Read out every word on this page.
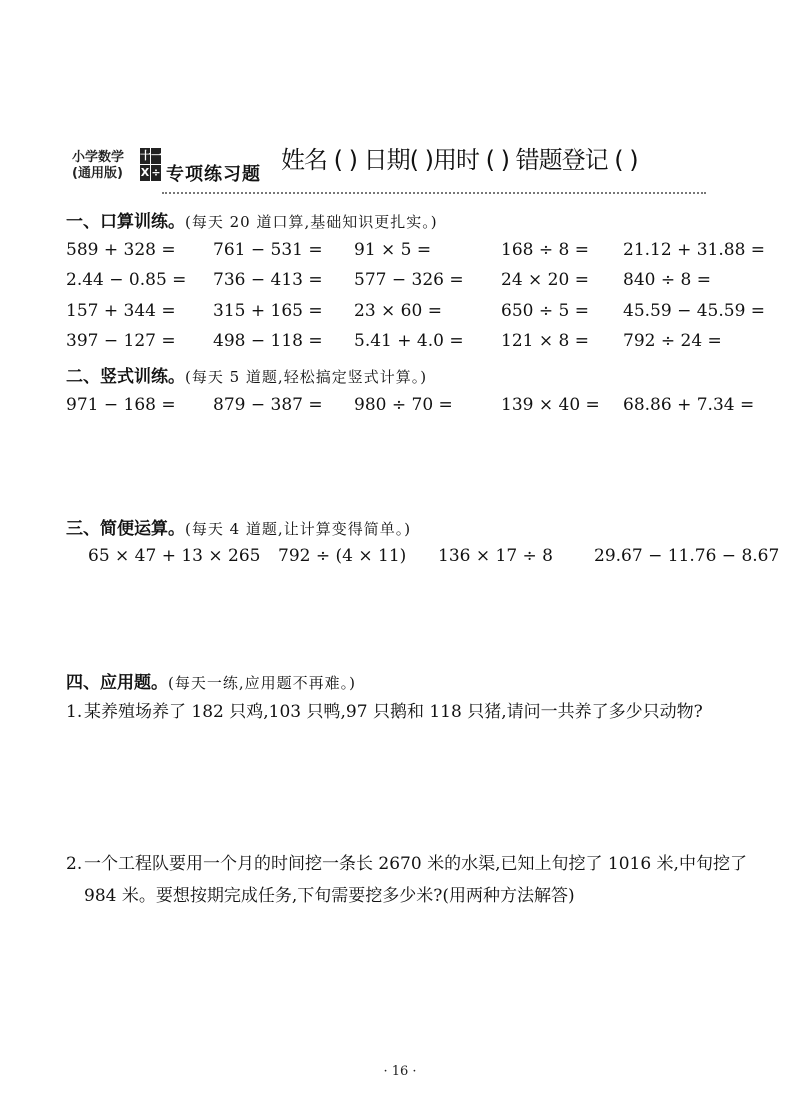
小学数学
(通用版)
十 一
X ÷ 专项练习题
姓名 ( ) 日期( )用时 ( ) 错题登记 ( )
一、口算训练。(每天 20 道口算,基础知识更扎实。)
589 + 328 = 761 − 531 = 91 × 5 =	168 ÷ 8 = 21.12 + 31.88 =
2.44 − 0.85 = 736 − 413 = 577 − 326 = 24 × 20 = 840 ÷ 8 =
157 + 344 = 315 + 165 = 23 × 60 =	650 ÷ 5 = 45.59 − 45.59 =
397 − 127 = 498 − 118 = 5.41 + 4.0 = 121 × 8 = 792 ÷ 24 =
二、竖式训练。(每天 5 道题,轻松搞定竖式计算。)
971 − 168 = 879 − 387 = 980 ÷ 70 =	139 × 40 = 68.86 + 7.34 =
三、简便运算。(每天 4 道题,让计算变得简单。)
65 × 47 + 13 × 265 792 ÷ (4 × 11) 136 × 17 ÷ 8 29.67 − 11.76 − 8.67
四、应用题。(每天一练,应用题不再难。)
1. 某养殖场养了 182 只鸡,103 只鸭,97 只鹅和 118 只猪,请问一共养了多少只动物?
2. 一个工程队要用一个月的时间挖一条长 2670 米的水渠,已知上旬挖了 1016 米,中旬挖了 984 米。要想按期完成任务,下旬需要挖多少米?(用两种方法解答)
· 16 ·
